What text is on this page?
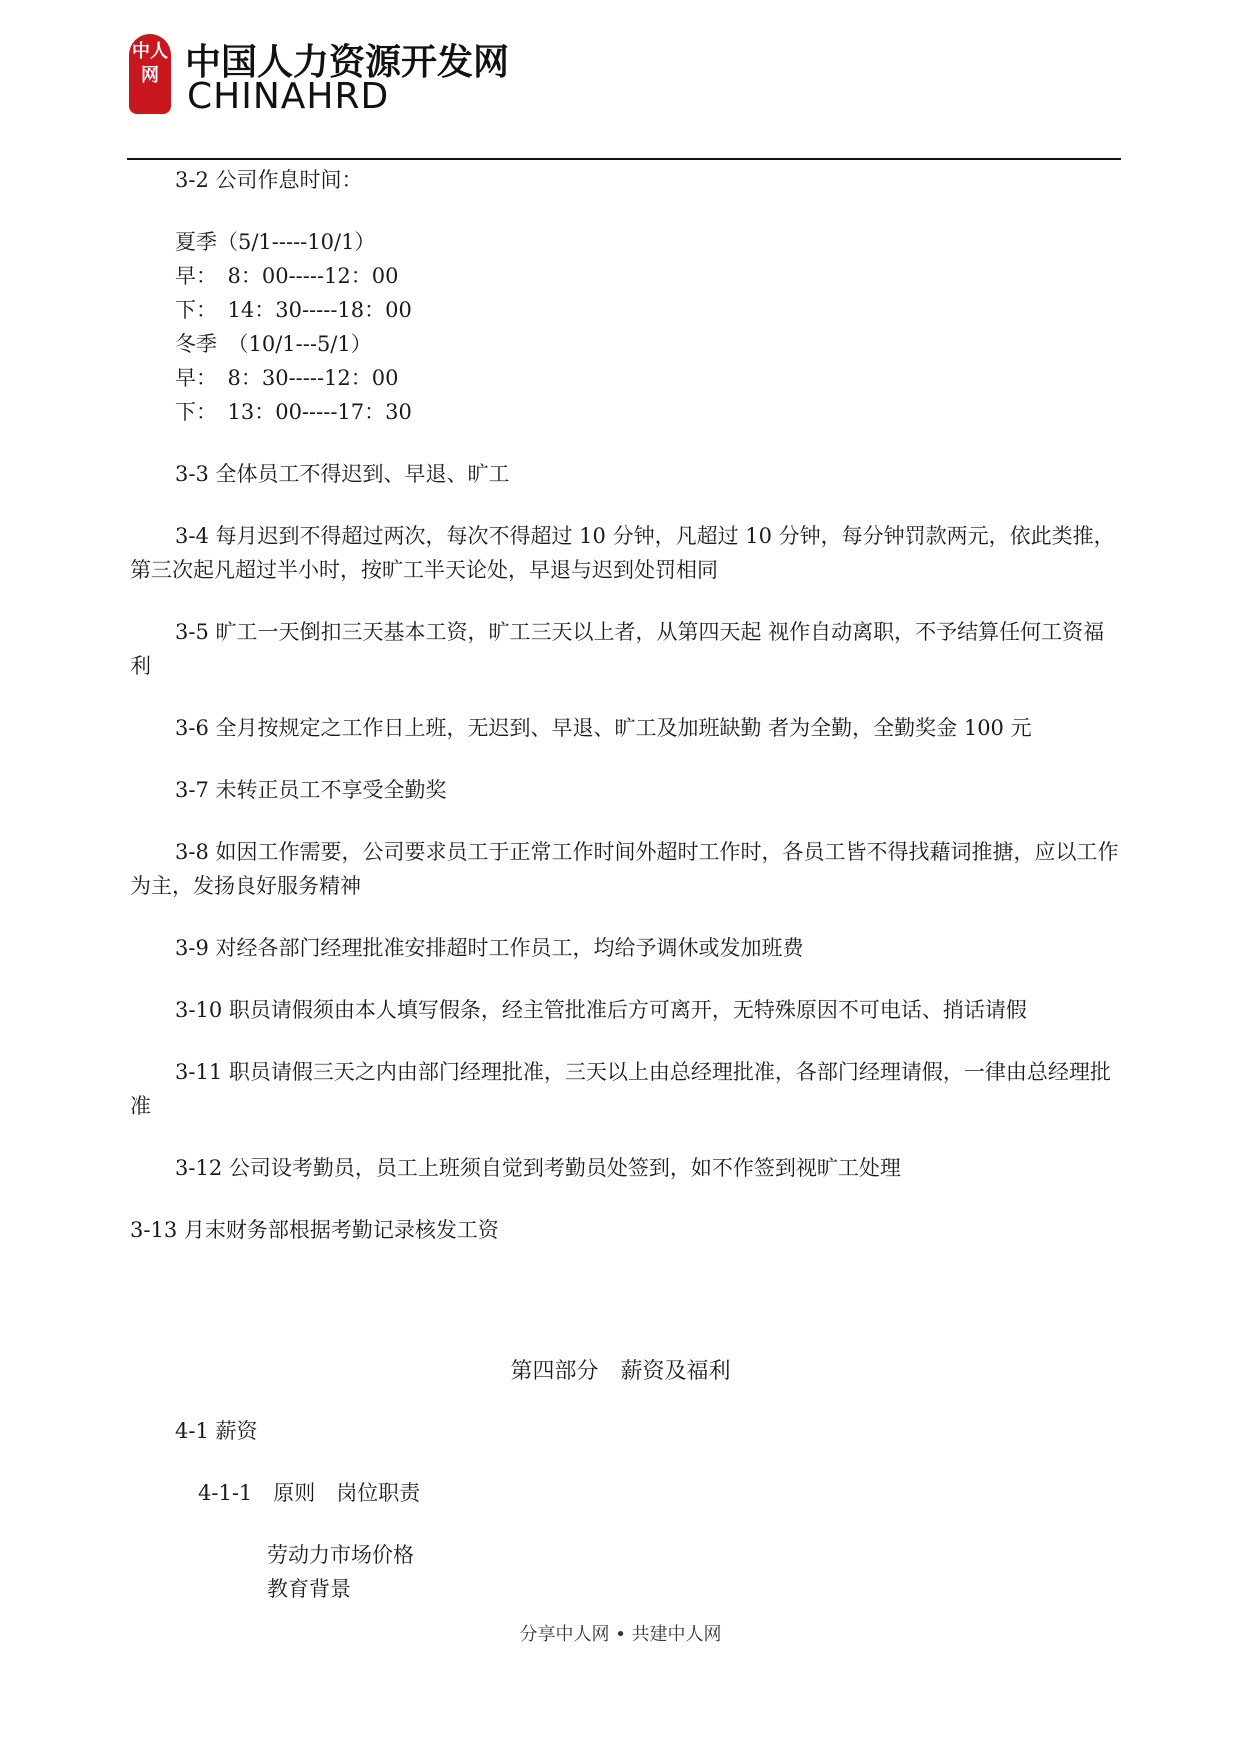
中人网 中国人力资源开发网
CHINAHRD

3-2 公司作息时间：

夏季（5/1-----10/1）

早：　8：00-----12：00

下：　14：30-----18：00

冬季　（10/1---5/1）

早：　8：30-----12：00

下：　13：00-----17：30

3-3 全体员工不得迟到、早退、旷工

3-4 每月迟到不得超过两次，每次不得超过 10 分钟，凡超过 10 分钟，每分钟罚款两元，依此类推，第三次起凡超过半小时，按旷工半天论处，早退与迟到处罚相同

3-5 旷工一天倒扣三天基本工资，旷工三天以上者，从第四天起 视作自动离职，不予结算任何工资福利

3-6 全月按规定之工作日上班，无迟到、早退、旷工及加班缺勤 者为全勤，全勤奖金 100 元

3-7 未转正员工不享受全勤奖

3-8 如因工作需要，公司要求员工于正常工作时间外超时工作时，各员工皆不得找藉词推搪，应以工作为主，发扬良好服务精神

3-9 对经各部门经理批准安排超时工作员工，均给予调休或发加班费

3-10 职员请假须由本人填写假条，经主管批准后方可离开，无特殊原因不可电话、捎话请假

3-11 职员请假三天之内由部门经理批准，三天以上由总经理批准，各部门经理请假，一律由总经理批准

3-12 公司设考勤员，员工上班须自觉到考勤员处签到，如不作签到视旷工处理

3-13 月末财务部根据考勤记录核发工资

第四部分　薪资及福利

4-1 薪资

4-1-1　原则　岗位职责

劳动力市场价格

教育背景

分享中人网 • 共建中人网
